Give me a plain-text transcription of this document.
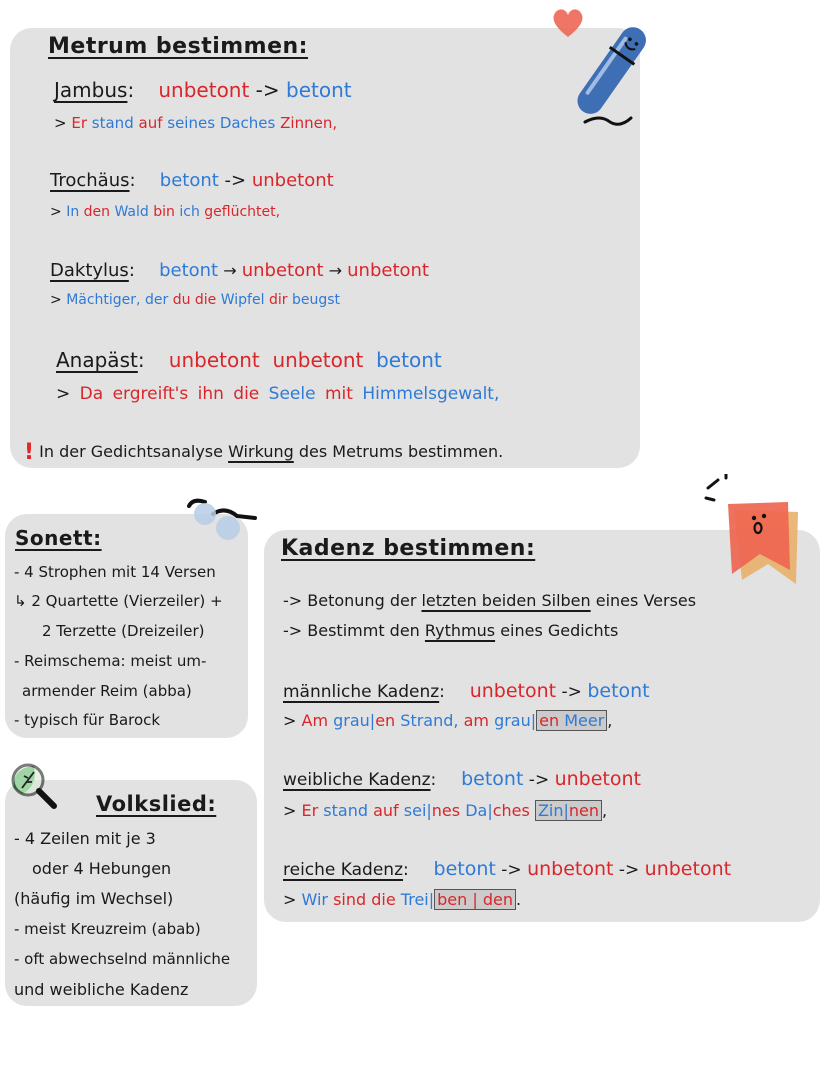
Metrum bestimmen:
Jambus: unbetont -> betont
> Er stand auf seines Daches Zinnen,
Trochäus: betont -> unbetont
> In den Wald bin ich geflüchtet,
Daktylus: betont → unbetont → unbetont
> Mächtiger, der du die Wipfel dir beugst
Anapäst: unbetont unbetont betont
> Da ergreift's ihn die Seele mit Himmelsgewalt,
! In der Gedichtsanalyse Wirkung des Metrums bestimmen.
Sonett:
- 4 Strophen mit 14 Versen
↳ 2 Quartette (Vierzeiler) +
2 Terzette (Dreizeiler)
- Reimschema: meist um-
armender Reim (abba)
- typisch für Barock
Volkslied:
- 4 Zeilen mit je 3
oder 4 Hebungen
(häufig im Wechsel)
- meist Kreuzreim (abab)
- oft abwechselnd männliche
und weibliche Kadenz
Kadenz bestimmen:
-> Betonung der letzten beiden Silben eines Verses
-> Bestimmt den Rythmus eines Gedichts
männliche Kadenz: unbetont -> betont
> Am grau|en Strand, am grau| en Meer ,
weibliche Kadenz: betont -> unbetont
> Er stand auf sei|nes Da|ches Zin|nen ,
reiche Kadenz: betont -> unbetont -> unbetont
> Wir sind die Trei| ben | den .
